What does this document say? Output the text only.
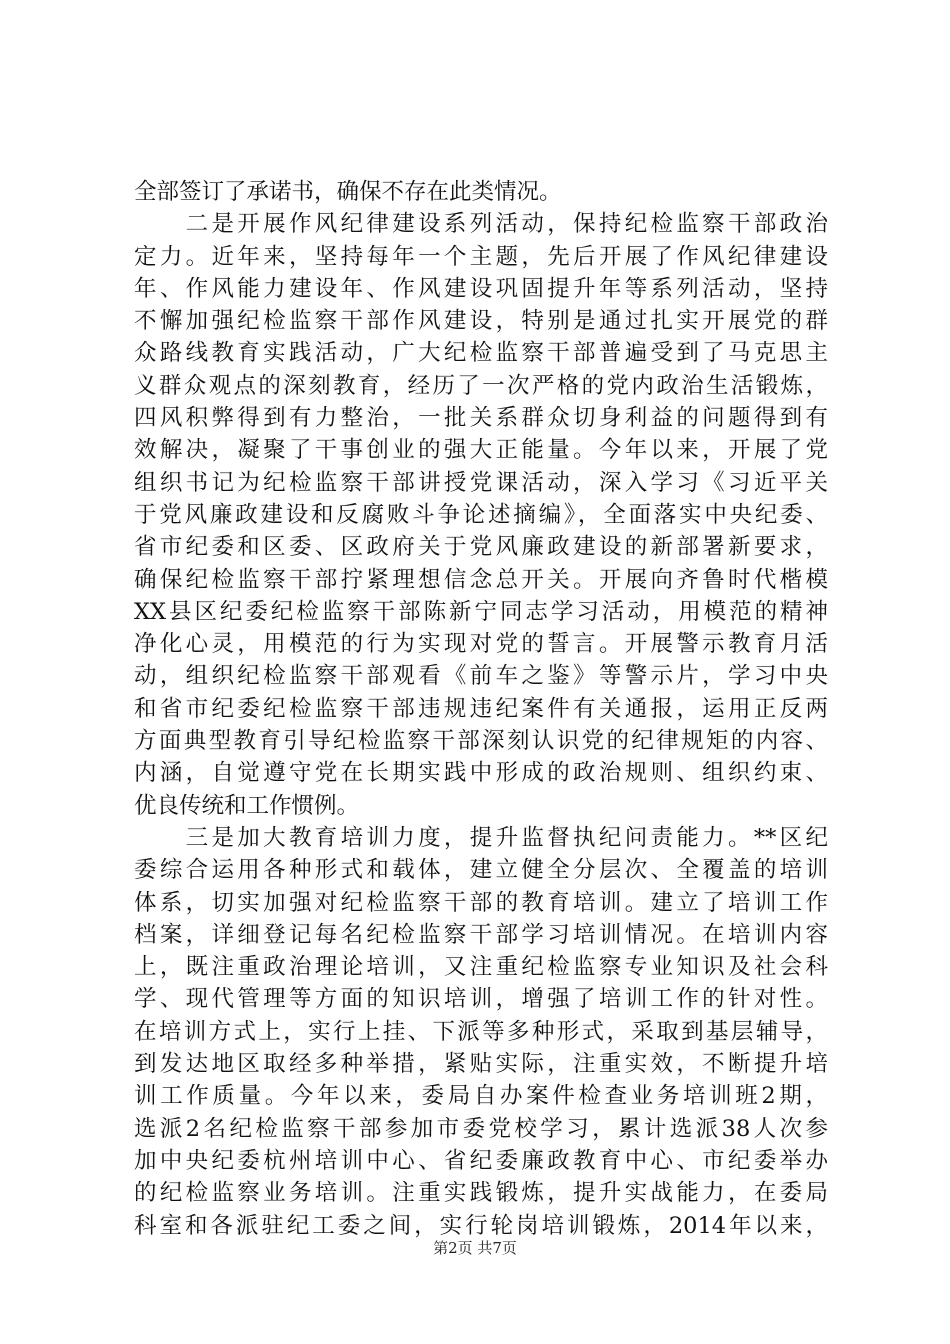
全部签订了承诺书，确保不存在此类情况。
　　二是开展作风纪律建设系列活动，保持纪检监察干部政治
定力。近年来，坚持每年一个主题，先后开展了作风纪律建设
年、作风能力建设年、作风建设巩固提升年等系列活动，坚持
不懈加强纪检监察干部作风建设，特别是通过扎实开展党的群
众路线教育实践活动，广大纪检监察干部普遍受到了马克思主
义群众观点的深刻教育，经历了一次严格的党内政治生活锻炼，
四风积弊得到有力整治，一批关系群众切身利益的问题得到有
效解决，凝聚了干事创业的强大正能量。今年以来，开展了党
组织书记为纪检监察干部讲授党课活动，深入学习《习近平关
于党风廉政建设和反腐败斗争论述摘编》，全面落实中央纪委、
省市纪委和区委、区政府关于党风廉政建设的新部署新要求，
确保纪检监察干部拧紧理想信念总开关。开展向齐鲁时代楷模
XX县区纪委纪检监察干部陈新宁同志学习活动，用模范的精神
净化心灵，用模范的行为实现对党的誓言。开展警示教育月活
动，组织纪检监察干部观看《前车之鉴》等警示片，学习中央
和省市纪委纪检监察干部违规违纪案件有关通报，运用正反两
方面典型教育引导纪检监察干部深刻认识党的纪律规矩的内容、
内涵，自觉遵守党在长期实践中形成的政治规则、组织约束、
优良传统和工作惯例。
　　三是加大教育培训力度，提升监督执纪问责能力。**区纪
委综合运用各种形式和载体，建立健全分层次、全覆盖的培训
体系，切实加强对纪检监察干部的教育培训。建立了培训工作
档案，详细登记每名纪检监察干部学习培训情况。在培训内容
上，既注重政治理论培训，又注重纪检监察专业知识及社会科
学、现代管理等方面的知识培训，增强了培训工作的针对性。
在培训方式上，实行上挂、下派等多种形式，采取到基层辅导，
到发达地区取经多种举措，紧贴实际，注重实效，不断提升培
训工作质量。今年以来，委局自办案件检查业务培训班2期，
选派2名纪检监察干部参加市委党校学习，累计选派38人次参
加中央纪委杭州培训中心、省纪委廉政教育中心、市纪委举办
的纪检监察业务培训。注重实践锻炼，提升实战能力，在委局
科室和各派驻纪工委之间，实行轮岗培训锻炼，2014年以来，
第2页 共7页
